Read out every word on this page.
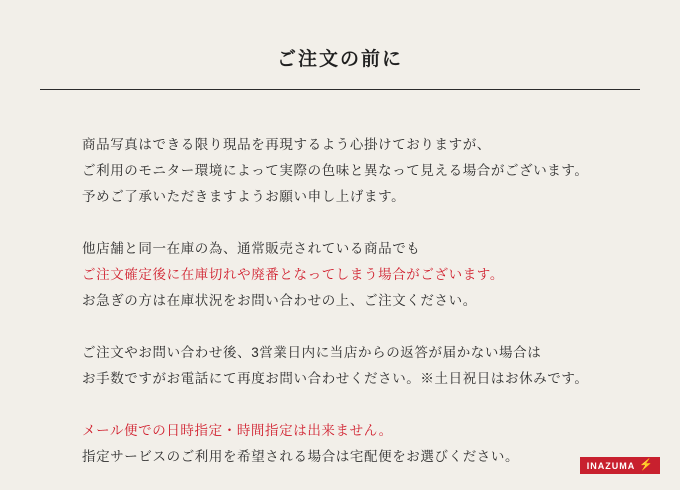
ご注文の前に
商品写真はできる限り現品を再現するよう心掛けておりますが、
ご利用のモニター環境によって実際の色味と異なって見える場合がございます。
予めご了承いただきますようお願い申し上げます。
他店舗と同一在庫の為、通常販売されている商品でも
ご注文確定後に在庫切れや廃番となってしまう場合がございます。
お急ぎの方は在庫状況をお問い合わせの上、ご注文ください。
ご注文やお問い合わせ後、3営業日内に当店からの返答が届かない場合は
お手数ですがお電話にて再度お問い合わせください。※土日祝日はお休みです。
メール便での日時指定・時間指定は出来ません。
指定サービスのご利用を希望される場合は宅配便をお選びください。
INAZUMA ⚡
